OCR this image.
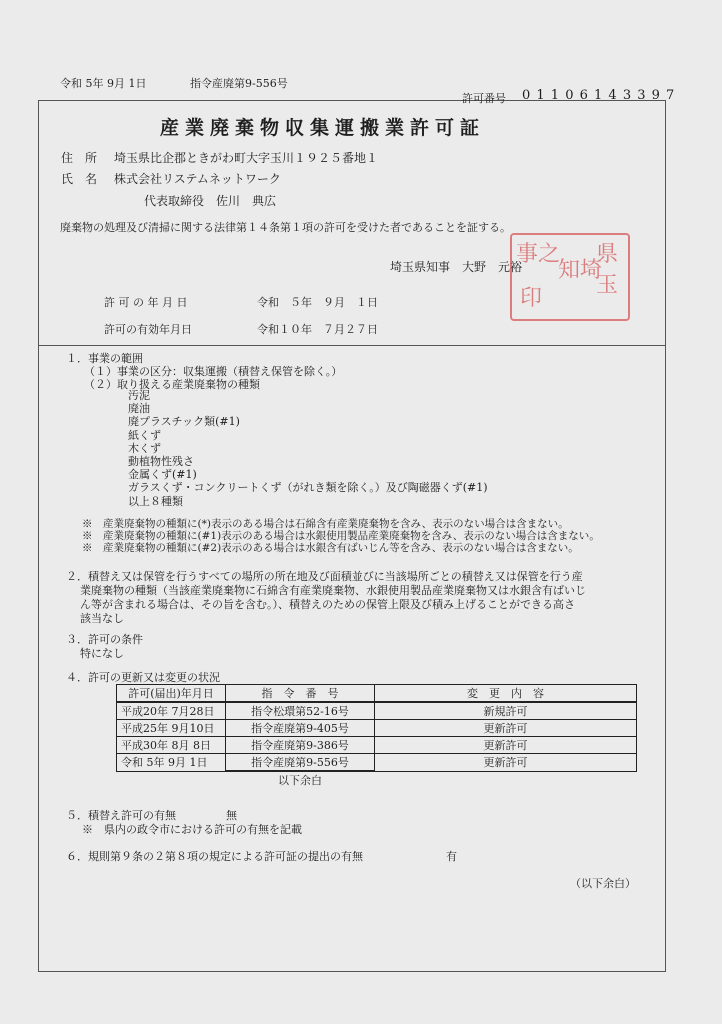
令和 5年 9月 1日	指令産廃第9-556号
許可番号 0 1 1 0 6 1 4 3 3 9 7
産業廃棄物収集運搬業許可証
住　所 埼玉県比企郡ときがわ町大字玉川１９２５番地１
氏　名 株式会社リステムネットワーク
代表取締役　佐川　典広
廃棄物の処理及び清掃に関する法律第１４条第１項の許可を受けた者であることを証する。
県玉
知埼
事之
印
埼玉県知事　大野　元裕
許 可 の 年 月 日	令和　５年　９月　１日
許可の有効年月日	令和１０年　７月２７日
１．事業の範囲
（１）事業の区分：収集運搬（積替え保管を除く。）
（２）取り扱える産業廃棄物の種類
汚泥
廃油
廃プラスチック類(#1)
紙くず
木くず
動植物性残さ
金属くず(#1)
ガラスくず・コンクリートくず（がれき類を除く。）及び陶磁器くず(#1)
以上８種類
※　産業廃棄物の種類に(*)表示のある場合は石綿含有産業廃棄物を含み、表示のない場合は含まない。
※　産業廃棄物の種類に(#1)表示のある場合は水銀使用製品産業廃棄物を含み、表示のない場合は含まない。
※　産業廃棄物の種類に(#2)表示のある場合は水銀含有ばいじん等を含み、表示のない場合は含まない。
２．積替え又は保管を行うすべての場所の所在地及び面積並びに当該場所ごとの積替え又は保管を行う産
業廃棄物の種類（当該産業廃棄物に石綿含有産業廃棄物、水銀使用製品産業廃棄物又は水銀含有ばいじ
ん等が含まれる場合は、その旨を含む。）、積替えのための保管上限及び積み上げることができる高さ
該当なし
３．許可の条件
特になし
４．許可の更新又は変更の状況
許可(届出)年月日	指　令　番　号	変　更　内　容
平成20年 7月28日	指令松環第52-16号	新規許可
平成25年 9月10日	指令産廃第9-405号	更新許可
平成30年 8月 8日	指令産廃第9-386号	更新許可
令和 5年 9月 1日	指令産廃第9-556号	更新許可
	以下余白	
５．積替え許可の有無	無
※　県内の政令市における許可の有無を記載
６．規則第９条の２第８項の規定による許可証の提出の有無	有
（以下余白）
